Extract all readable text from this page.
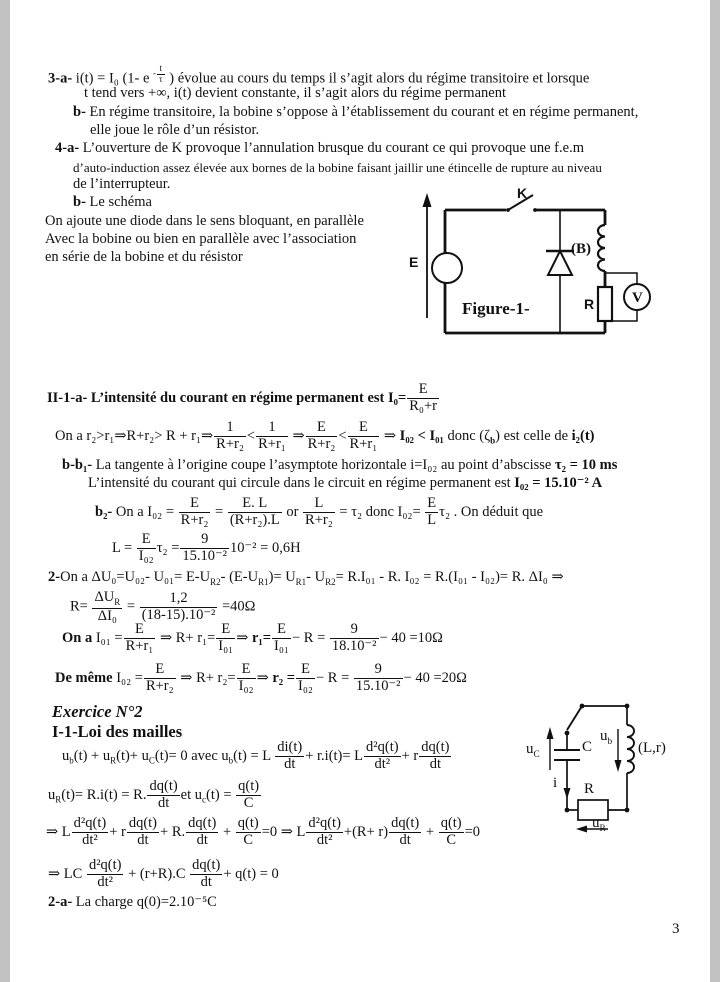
3-a- i(t) = I₀ (1- e $^{- \frac{t}{\tau}}$ ) évolue au cours du temps il s’agit alors du régime transitoire et lorsque
t tend vers +∞, i(t) devient constante, il s’agit alors du régime permanent
b- En régime transitoire, la bobine s’oppose à l’établissement du courant et en régime permanent,
elle joue le rôle d’un résistor.
4-a- L’ouverture de K provoque l’annulation brusque du courant ce qui provoque une f.e.m
d’auto-induction assez élevée aux bornes de la bobine faisant jaillir une étincelle de rupture au niveau
de l’interrupteur.
b- Le schéma
On ajoute une diode dans le sens bloquant, en parallèle
Avec la bobine ou bien en parallèle avec l’association
en série de la bobine et du résistor
II-1-a- L’intensité du courant en régime permanent est $I_0= \frac{E}{\text{R₀+r}}$
On a r₂>r₁⇒R+r₂> R + r₁⇒ $\frac{1}{\text{R+r₂}} < \frac{1}{\text{R+r₁}}$ ⇒ $\frac{E}{\text{R+r₂}} < \frac{E}{\text{R+r₁}}$ ⇒ I₀₂ < I₀₁ donc $(\zeta_b)$ est celle de i₂(t)
b-b₁- La tangente à l’origine coupe l’asymptote horizontale i=I₀₂ au point d’abscisse τ₂ = 10 ms
L’intensité du courant qui circule dans le circuit en régime permanent est I₀₂ = 15.10⁻² A
b₂- On a $I_{02} = \frac{E}{\text{R+r₂}} = \frac{E. L}{\text{(R+r₂).L}}$ or $\frac{L}{\text{R+r₂}} = \tau_2$ donc $I_{02}= \frac{E}{L} \tau_2$ . On déduit que
$L = \frac{E}{\text{I₀₂}} \tau_2 = \frac{9}{\text{15.10⁻²}} 10^{-2} = 0,6H$
2-On a ΔU₀=U₀₂- $U_{01}= E-U_{R2}-$ $(E-U_{R1})= U_{R1}-$ $U_{R2}= R.I_{01} - R$. I₀₂ = R.(I₀₁ - I₀₂)= R. ΔI₀ ⇒
$R= \frac{\Delta U_R}{\text{ΔI₀}} = \frac{1,2}{\text{(18-15).10⁻²}} =40\Omega$
On a $I_{01} = \frac{E}{\text{R+r₁}}$ ⇒ $R+ r_1= \frac{E}{\text{I₀₁}}$ ⇒ $r_1= \frac{E}{\text{I₀₁}} - R = \frac{9}{\text{18.10⁻²}} - 40 =10\Omega$
De même $I_{02} = \frac{E}{\text{R+r₂}}$ ⇒ $R+ r_2= \frac{E}{\text{I₀₂}}$ ⇒ $r_2 = \frac{E}{\text{I₀₂}} - R = \frac{9}{\text{15.10⁻²}} - 40 =20\Omega$
Exercice N°2
I-1-Loi des mailles
$u_b(t) + u_R(t)+ u_C(t)= 0$ avec $u_b(t) = L \frac{di(t)}{dt} + r.i(t)= L \frac{\text{d²q(t)}}{\text{dt²}} + r \frac{dq(t)}{dt}$
$u_R(t)= R.i(t) = R$. $\frac{dq(t)}{dt}$ et $u_c(t) = \frac{q(t)}{C}$
⇒ L $\frac{\text{d²q(t)}}{\text{dt²}} + r \frac{dq(t)}{dt} + R$. $\frac{dq(t)}{dt} + \frac{q(t)}{C} =0$ ⇒ L $\frac{\text{d²q(t)}}{\text{dt²}} +(R+ r) \frac{dq(t)}{dt} + \frac{q(t)}{C} =0$
⇒ LC $\frac{\text{d²q(t)}}{\text{dt²}} + (r+R).C \frac{dq(t)}{dt} + q(t) = 0$
2-a- La charge q(0)=2.10⁻⁵C
3
K
E
(B)
R	V
Figure-1-
$u_C$	C
$u_b$ (L,r)
i R
$u_R$
